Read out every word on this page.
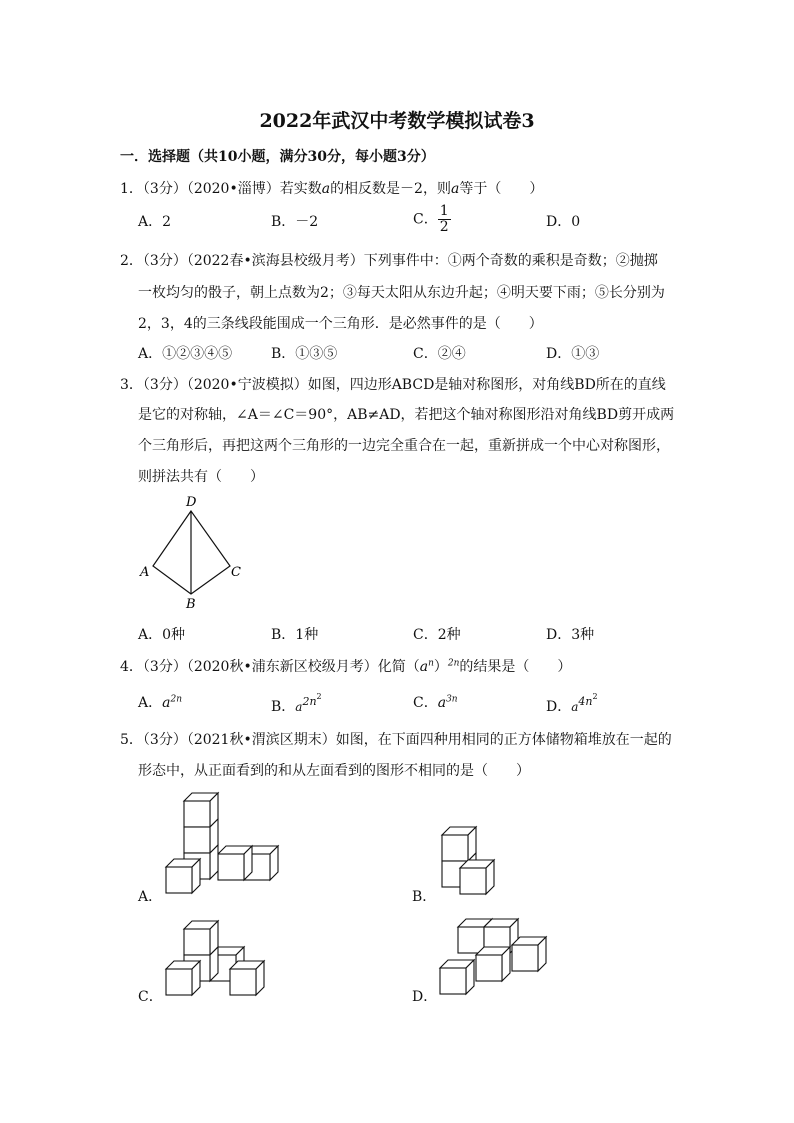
2022年武汉中考数学模拟试卷3
一．选择题（共10小题，满分30分，每小题3分）
1．（3分）（2020•淄博）若实数a的相反数是－2，则a等于（　　）
A．2	B．－2	C． $\frac{1}{2}$	D．0
2．（3分）（2022春•滨海县校级月考）下列事件中：①两个奇数的乘积是奇数；②抛掷
一枚均匀的骰子，朝上点数为2；③每天太阳从东边升起；④明天要下雨；⑤长分别为
2，3，4的三条线段能围成一个三角形．是必然事件的是（　　）
A．①②③④⑤	B．①③⑤	C．②④	D．①③
3．（3分）（2020•宁波模拟）如图，四边形ABCD是轴对称图形，对角线BD所在的直线
是它的对称轴，∠A＝∠C＝90°，AB≠AD，若把这个轴对称图形沿对角线BD剪开成两
个三角形后，再把这两个三角形的一边完全重合在一起，重新拼成一个中心对称图形，
则拼法共有（　　）
D
A	C
B
A．0种	B．1种	C．2种	D．3种
4．（3分）（2020秋•浦东新区校级月考）化简$(a^n)^{2n}$的结果是（　　）
A．$a^{2n}$	B．$a^{2n2}$	C．$a^{3n}$	D．$a^{4n2}$
5．（3分）（2021秋•渭滨区期末）如图，在下面四种用相同的正方体储物箱堆放在一起的
形态中，从正面看到的和从左面看到的图形不相同的是（　　）
A．	B．
C．	D．
